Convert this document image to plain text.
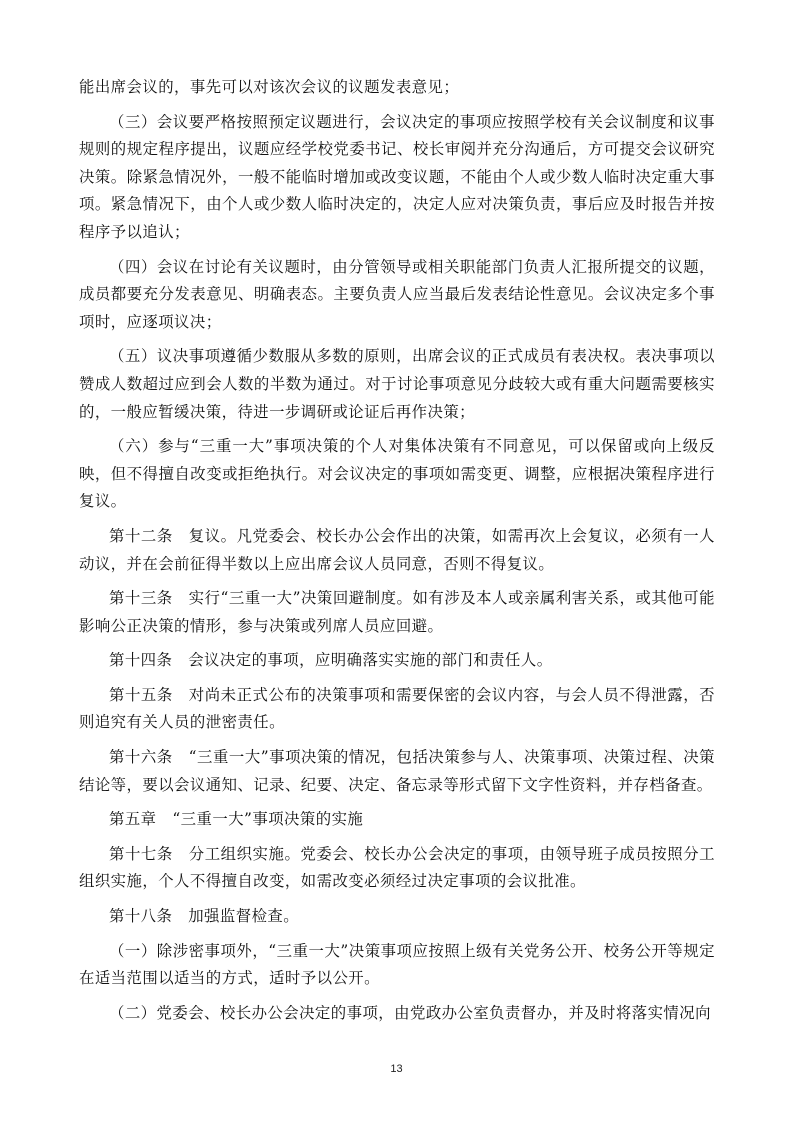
能出席会议的，事先可以对该次会议的议题发表意见；

（三）会议要严格按照预定议题进行，会议决定的事项应按照学校有关会议制度和议事规则的规定程序提出，议题应经学校党委书记、校长审阅并充分沟通后，方可提交会议研究决策。除紧急情况外，一般不能临时增加或改变议题，不能由个人或少数人临时决定重大事项。紧急情况下，由个人或少数人临时决定的，决定人应对决策负责，事后应及时报告并按程序予以追认；

（四）会议在讨论有关议题时，由分管领导或相关职能部门负责人汇报所提交的议题，成员都要充分发表意见、明确表态。主要负责人应当最后发表结论性意见。会议决定多个事项时，应逐项议决；

（五）议决事项遵循少数服从多数的原则，出席会议的正式成员有表决权。表决事项以赞成人数超过应到会人数的半数为通过。对于讨论事项意见分歧较大或有重大问题需要核实的，一般应暂缓决策，待进一步调研或论证后再作决策；

（六）参与“三重一大”事项决策的个人对集体决策有不同意见，可以保留或向上级反映，但不得擅自改变或拒绝执行。对会议决定的事项如需变更、调整，应根据决策程序进行复议。

第十二条　复议。凡党委会、校长办公会作出的决策，如需再次上会复议，必须有一人动议，并在会前征得半数以上应出席会议人员同意，否则不得复议。

第十三条　实行“三重一大”决策回避制度。如有涉及本人或亲属利害关系，或其他可能影响公正决策的情形，参与决策或列席人员应回避。

第十四条　会议决定的事项，应明确落实实施的部门和责任人。

第十五条　对尚未正式公布的决策事项和需要保密的会议内容，与会人员不得泄露，否则追究有关人员的泄密责任。

第十六条　“三重一大”事项决策的情况，包括决策参与人、决策事项、决策过程、决策结论等，要以会议通知、记录、纪要、决定、备忘录等形式留下文字性资料，并存档备查。

第五章　“三重一大”事项决策的实施

第十七条　分工组织实施。党委会、校长办公会决定的事项，由领导班子成员按照分工组织实施，个人不得擅自改变，如需改变必须经过决定事项的会议批准。

第十八条　加强监督检查。

（一）除涉密事项外，“三重一大”决策事项应按照上级有关党务公开、校务公开等规定在适当范围以适当的方式，适时予以公开。

（二）党委会、校长办公会决定的事项，由党政办公室负责督办，并及时将落实情况向

13
